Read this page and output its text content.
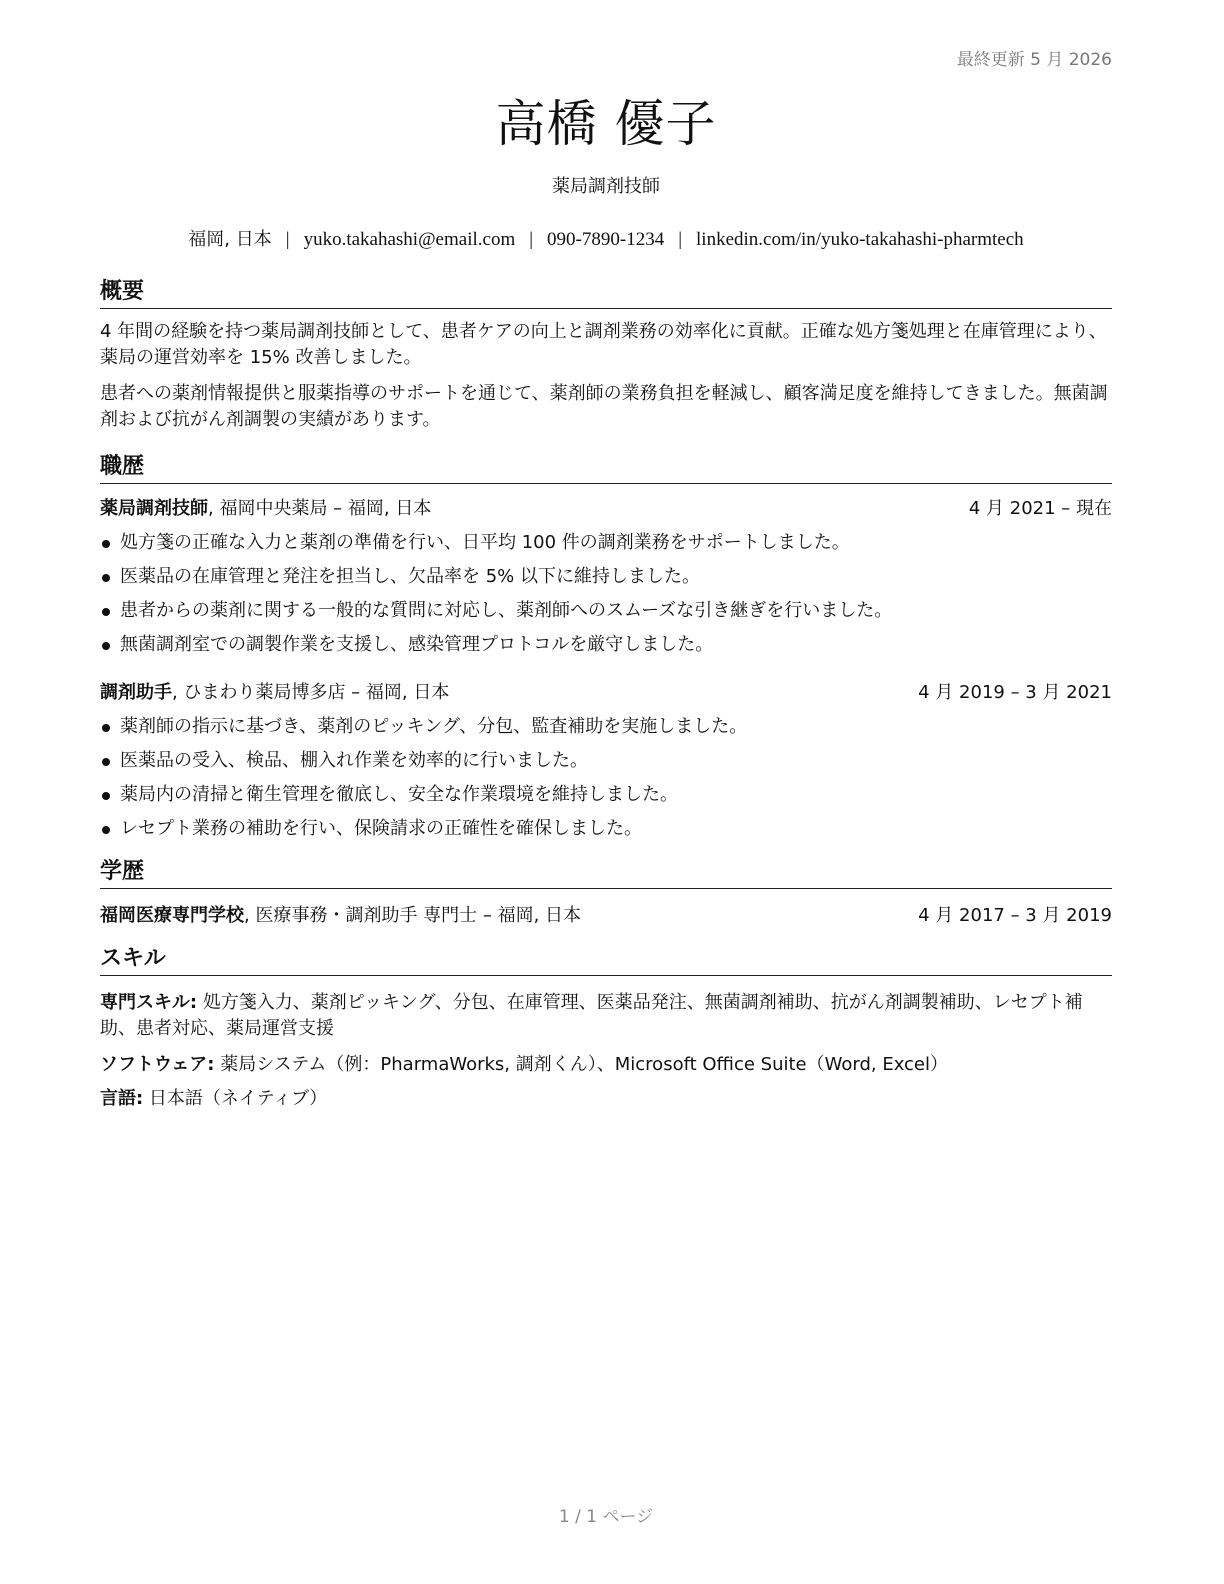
最終更新 5 月 2026
高橋 優子
薬局調剤技師
福岡, 日本 | yuko.takahashi@email.com | 090-7890-1234 | linkedin.com/in/yuko-takahashi-pharmtech
概要
4 年間の経験を持つ薬局調剤技師として、患者ケアの向上と調剤業務の効率化に貢献。正確な処方箋処理と在庫管理により、薬局の運営効率を 15% 改善しました。
患者への薬剤情報提供と服薬指導のサポートを通じて、薬剤師の業務負担を軽減し、顧客満足度を維持してきました。無菌調剤および抗がん剤調製の実績があります。
職歴
薬局調剤技師, 福岡中央薬局 – 福岡, 日本	4 月 2021 – 現在
処方箋の正確な入力と薬剤の準備を行い、日平均 100 件の調剤業務をサポートしました。
医薬品の在庫管理と発注を担当し、欠品率を 5% 以下に維持しました。
患者からの薬剤に関する一般的な質問に対応し、薬剤師へのスムーズな引き継ぎを行いました。
無菌調剤室での調製作業を支援し、感染管理プロトコルを厳守しました。
調剤助手, ひまわり薬局博多店 – 福岡, 日本	4 月 2019 – 3 月 2021
薬剤師の指示に基づき、薬剤のピッキング、分包、監査補助を実施しました。
医薬品の受入、検品、棚入れ作業を効率的に行いました。
薬局内の清掃と衛生管理を徹底し、安全な作業環境を維持しました。
レセプト業務の補助を行い、保険請求の正確性を確保しました。
学歴
福岡医療専門学校, 医療事務・調剤助手 専門士 – 福岡, 日本	4 月 2017 – 3 月 2019
スキル
専門スキル: 処方箋入力、薬剤ピッキング、分包、在庫管理、医薬品発注、無菌調剤補助、抗がん剤調製補助、レセプト補助、患者対応、薬局運営支援
ソフトウェア: 薬局システム（例：PharmaWorks, 調剤くん）、Microsoft Office Suite（Word, Excel）
言語: 日本語（ネイティブ）
1 / 1 ページ
